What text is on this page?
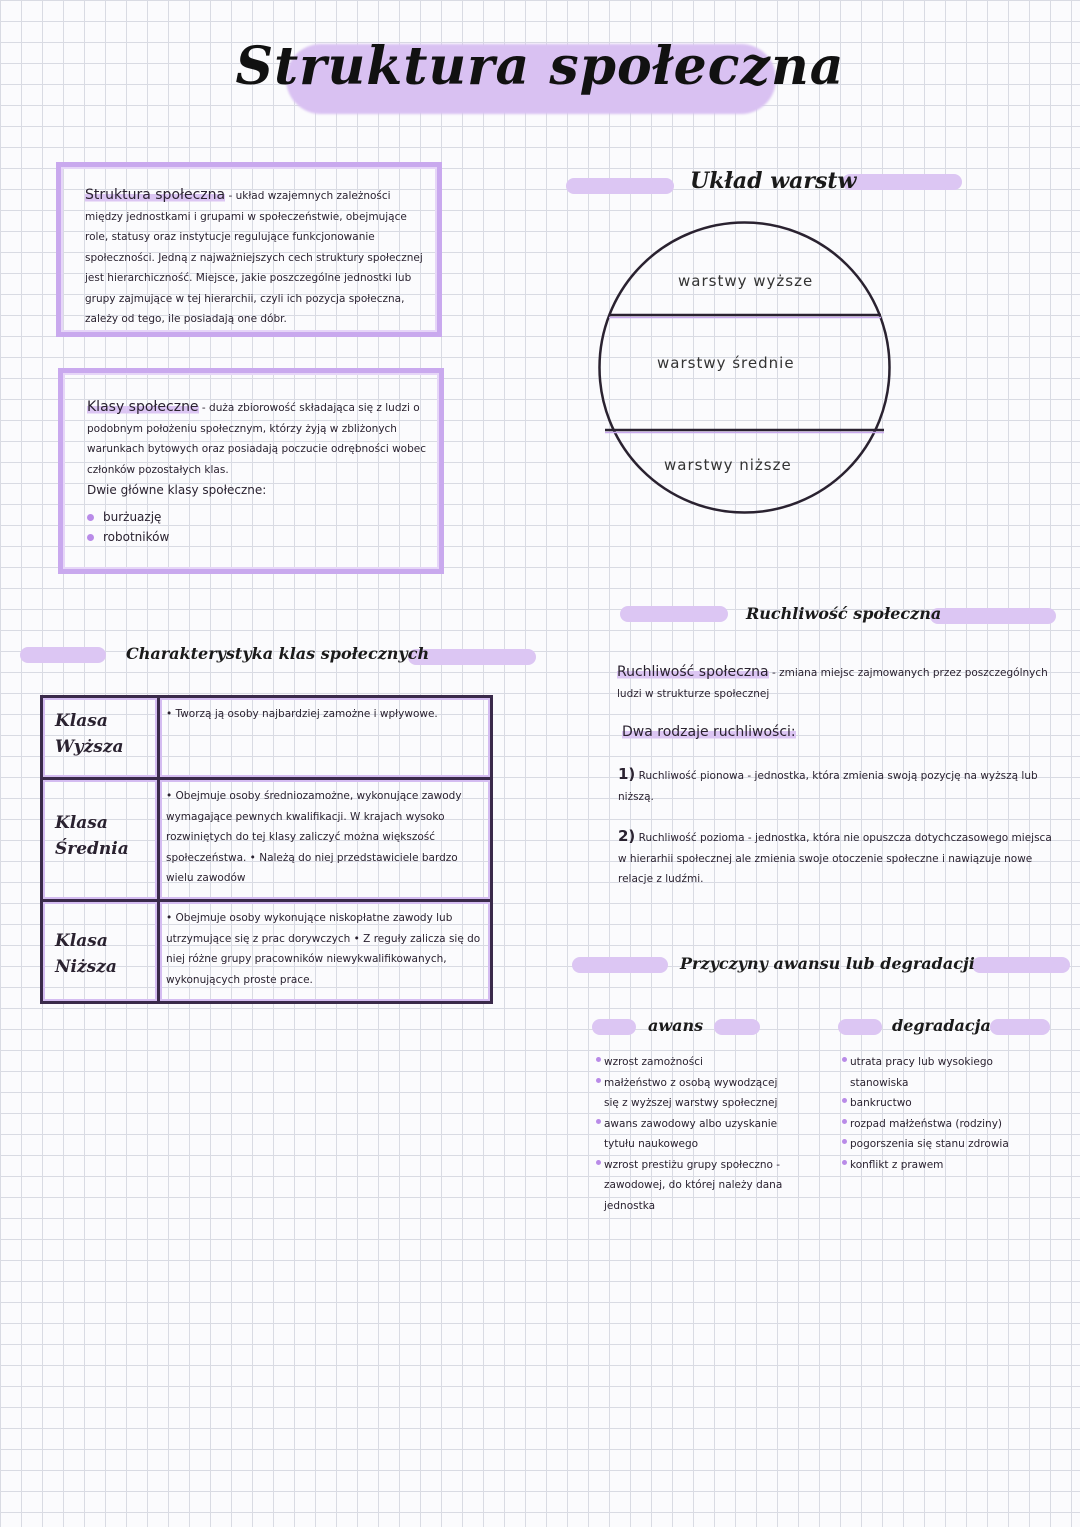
Struktura społeczna

Struktura społeczna - układ wzajemnych zależności między jednostkami i grupami w społeczeństwie, obejmujące role, statusy oraz instytucje regulujące funkcjonowanie społeczności. Jedną z najważniejszych cech struktury społecznej jest hierarchiczność. Miejsce, jakie poszczególne jednostki lub grupy zajmujące w tej hierarchii, czyli ich pozycja społeczna, zależy od tego, ile posiadają one dóbr.

Klasy społeczne - duża zbiorowość składająca się z ludzi o podobnym położeniu społecznym, którzy żyją w zbliżonych warunkach bytowych oraz posiadają poczucie odrębności wobec członków pozostałych klas.

Dwie główne klasy społeczne:

burżuazję
robotników
Układ warstw
warstwy wyższe
warstwy średnie
warstwy niższe
Charakterystyka klas społecznych
Klasa
Wyższa	• Tworzą ją osoby najbardziej zamożne i wpływowe.

Klasa
Średnia	• Obejmuje osoby średniozamożne, wykonujące zawody wymagające pewnych kwalifikacji. W krajach wysoko rozwiniętych do tej klasy zaliczyć można większość społeczeństwa. • Należą do niej przedstawiciele bardzo wielu zawodów

Klasa
Niższa	• Obejmuje osoby wykonujące niskopłatne zawody lub utrzymujące się z prac dorywczych • Z reguły zalicza się do niej różne grupy pracowników niewykwalifikowanych, wykonujących proste prace.
Ruchliwość społeczna
Ruchliwość społeczna - zmiana miejsc zajmowanych przez poszczególnych ludzi w strukturze społecznej
Dwa rodzaje ruchliwości:
1) Ruchliwość pionowa - jednostka, która zmienia swoją pozycję na wyższą lub niższą.
2) Ruchliwość pozioma - jednostka, która nie opuszcza dotychczasowego miejsca w hierarhii społecznej ale zmienia swoje otoczenie społeczne i nawiązuje nowe relacje z ludźmi.
Przyczyny awansu lub degradacji
awans
wzrost zamożności
małżeństwo z osobą wywodzącej się z wyższej warstwy społecznej
awans zawodowy albo uzyskanie tytułu naukowego
wzrost prestiżu grupy społeczno - zawodowej, do której należy dana jednostka
degradacja
utrata pracy lub wysokiego stanowiska
bankructwo
rozpad małżeństwa (rodziny)
pogorszenia się stanu zdrowia
konflikt z prawem
